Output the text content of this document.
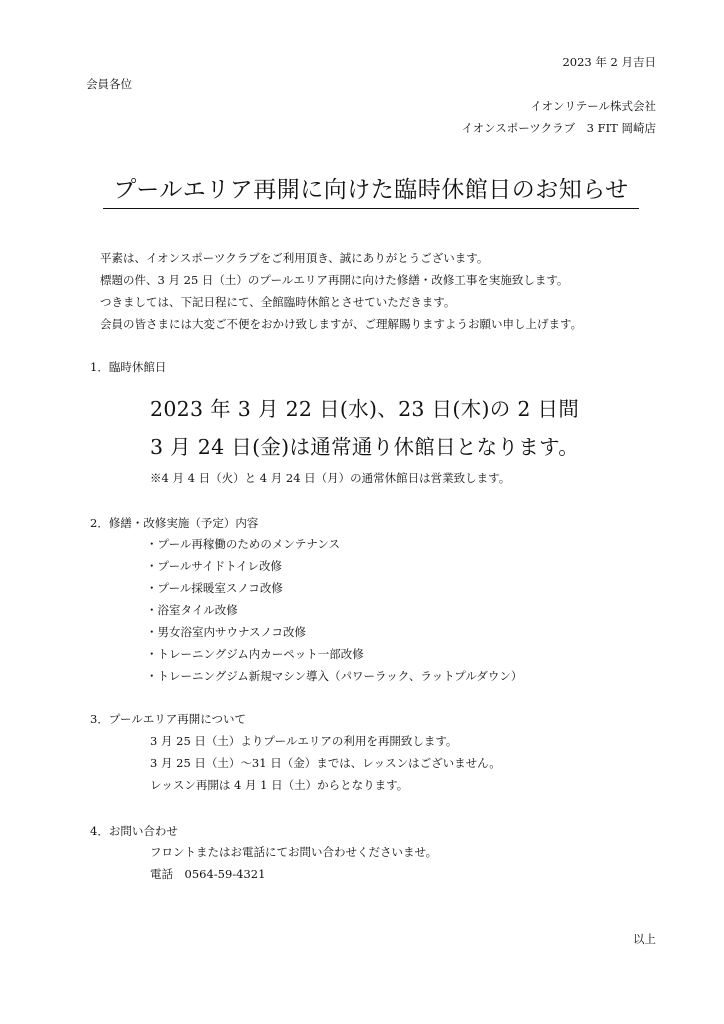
2023 年 2 月吉日
会員各位
イオンリテール株式会社
イオンスポーツクラブ　3 FIT 岡崎店
プールエリア再開に向けた臨時休館日のお知らせ
平素は、イオンスポーツクラブをご利用頂き、誠にありがとうございます。
標題の件、3 月 25 日（土）のプールエリア再開に向けた修繕・改修工事を実施致します。
つきましては、下記日程にて、全館臨時休館とさせていただきます。
会員の皆さまには大変ご不便をおかけ致しますが、ご理解賜りますようお願い申し上げます。
1．臨時休館日
2023 年 3 月 22 日(水)、23 日(木)の 2 日間
3 月 24 日(金)は通常通り休館日となります。
※4 月 4 日（火）と 4 月 24 日（月）の通常休館日は営業致します。
2．修繕・改修実施（予定）内容
・プール再稼働のためのメンテナンス
・プールサイドトイレ改修
・プール採暖室スノコ改修
・浴室タイル改修
・男女浴室内サウナスノコ改修
・トレーニングジム内カーペット一部改修
・トレーニングジム新規マシン導入（パワーラック、ラットプルダウン）
3．プールエリア再開について
3 月 25 日（土）よりプールエリアの利用を再開致します。
3 月 25 日（土）～31 日（金）までは、レッスンはございません。
レッスン再開は 4 月 1 日（土）からとなります。
4．お問い合わせ
フロントまたはお電話にてお問い合わせくださいませ。
電話　0564-59-4321
以上
